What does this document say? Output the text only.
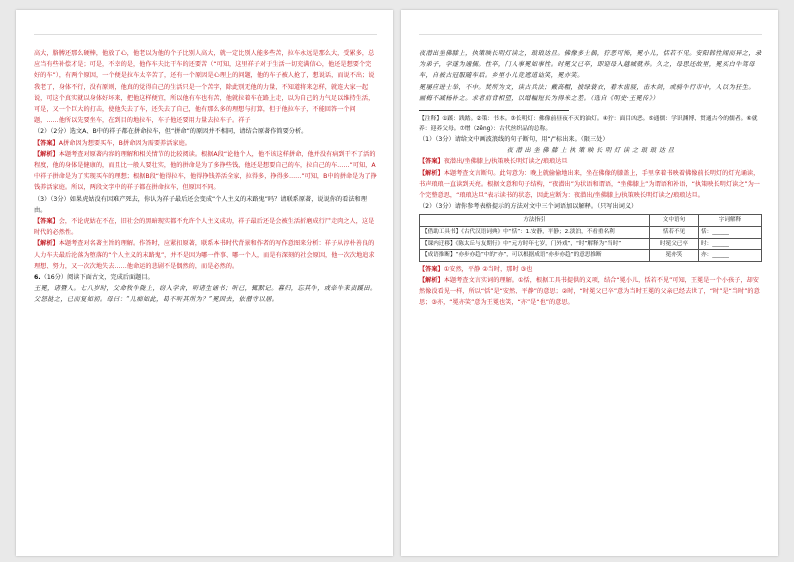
高大，胳膊还那么硬棒，他放了心，他老以为他的个子比别人高大，就一定比别人能多些苦，拉车永远是那么大，受累多，总应当有些补偿才是；可是，不幸的是，他作车夫比干车的还要苦（“可知，这里祥子对于生活一切充满信心，他还是想要个完好的车”），有两个原因，一个便是拉车太辛苦了，还有一个原因是心理上的问题，他的车子被人抢了，想说话，而说不出；说我老了，身体不行，没有原则，他真的觉得自己的生活只是一个苦字，除此别无他的力量，不知道将来怎样，就连大家一起说，可这个真实就以身体好坏来，把他这样便宜，所以他有车也有苦，他就拉着车在路上走，以为自己的力气足以维持生活，可是，又一个巨大的打击，使他失去了车，还失去了自己，他有那么多的理想与打算，但于他拉车子，不能回答一个问题，……他所以先要坐车，在到目的地拉车，车子他还要用力量去拉车子。祥子

（2）（2分）选文A、B中的祥子都在拼命拉车，但“拼命”的原因并不相同，请结合原著作简要分析。

【答案】A拼命因为想要买车，B拼命因为需要养活家庭。

【解析】本题考查对原著内容的理解和相关情节的比较阅读。根据A段“论他个人，他不该这样拼命，他并没有病到干不了活的程度，他的身体是健康的，而且比一般人要壮实，他的拼命是为了多挣些钱，他还是想要自己的车，拉自己的车……”可知，A中祥子拼命是为了实现买车的理想；根据B段“他得拉车，他得挣钱养活全家，拉得多，挣得多……”可知，B中的拼命是为了挣钱养活家庭。所以，两段文字中的祥子都在拼命拉车，但原因不同。

（3）（3分）如果虎姑没有因难产死去，你认为祥子最后还会变成“个人主义的末路鬼”吗？请联系原著，说说你的看法和理由。

【答案】会，不论虎姑在不在，旧社会的黑暗现实都不允许个人主义成功，祥子最后还是会被生活折磨成行尸走肉之人，这是时代的必然性。

【解析】本题考查对名著主旨的理解。作答时，应紧扣原著，联系本书时代背景和作者的写作意图来分析：祥子从淳朴善良的人力车夫最后沦落为堕落的“个人主义的末路鬼”，并不是因为哪一件事、哪一个人，而是有深刻的社会原因，他一次次地追求理想、努力，又一次次地失去……他命运的悲剧不是偶然的，而是必然的。

6.（16分）阅读下面古文，完成后面题目。

王冕，诸暨人。七八岁时，父命牧牛陇上，窃入学舍，听诸生诵书；听已，辄默记。暮归，忘其牛，或牵牛来责蹊田。父怒挞之，已而复如初。母曰：“儿痴如此，曷不听其所为？”冕因去，依僧寺以居。

夜潜出坐佛膝上，执策映长明灯读之，琅琅达旦。佛像多土偶，狞恶可怖，冕小儿，恬若不见。安阳韩性闻而异之，录为弟子，学遂为通儒。性卒，门人事冕如事性。时冕父已卒，即迎母入越城就养。久之，母思还故里，冕买白牛驾母车，自被古冠服随车后。乡里小儿竞遮道讪笑，冕亦笑。

冕屡应进士举，不中。焚所为文，读古兵法；戴高帽，披绿蓑衣，着木齿屐，击木剑，或骑牛行市中，人以为狂生。

画梅不减杨补之。求者肩背相望，以缯幅短长为得米之差。（选自《明史·王冕传》）

【注释】①蹊：践踏。②策：书本。③长明灯：佛像前昼夜不灭的油灯。④狞：面目凶恶。⑤通儒：学识渊博、贯通古今的儒者。⑥就养：迎养父母。⑦缯（zēng）：古代丝织品的总称。

（1）（3分）请给文中画波浪线的句子断句，用“/”标出来。（限三处）

夜 潜 出 坐 佛 膝 上 执 策 映 长 明 灯 读 之 琅 琅 达 旦

【答案】夜潜出/坐佛膝上/执策映长明灯读之/琅琅达旦

【解析】本题考查文言断句。此句意为：晚上就偷偷地出来，坐在佛像的膝盖上，手里拿着书映着佛像前长明灯的灯光诵读，书声琅琅一直读到天亮。根据文意和句子结构，“夜潜出”为状语和谓语，“坐佛膝上”为谓语和补语，“执策映长明灯读之”为一个完整意思，“琅琅达旦”表示读书的状态，因此应断为：夜潜出/坐佛膝上/执策映长明灯读之/琅琅达旦。

（2）（3分）请你参考表格提示的方法对文中三个词语加以解释。（只写出词义）

方法指引	文中语句	字词解释
【借助工具书】《古代汉语词典》中“恬”：1.安静，平静；2.淡泊，不看重名利	恬若不见	恬：______
【课内迁移】《陈太丘与友期行》中“元方时年七岁，门外戏”，“时”解释为“当时”	时冕父已卒	时：______
【成语推断】“亦步亦趋”中的“亦”，可以根据成语“亦步亦趋”的意思推断	冕亦笑	亦：______

【答案】①安然，平静 ②当时，那时 ③也

【解析】本题考查文言实词的理解。①恬，根据工具书提供的义项，结合“冕小儿，恬若不见”可知，王冕是一个小孩子，却安然像没看见一样，所以“恬”是“安然、平静”的意思；②时，“时冕父已卒”意为当时王冕的父亲已经去世了，“时”是“当时”的意思；③亦，“冕亦笑”意为王冕也笑，“亦”是“也”的意思。
